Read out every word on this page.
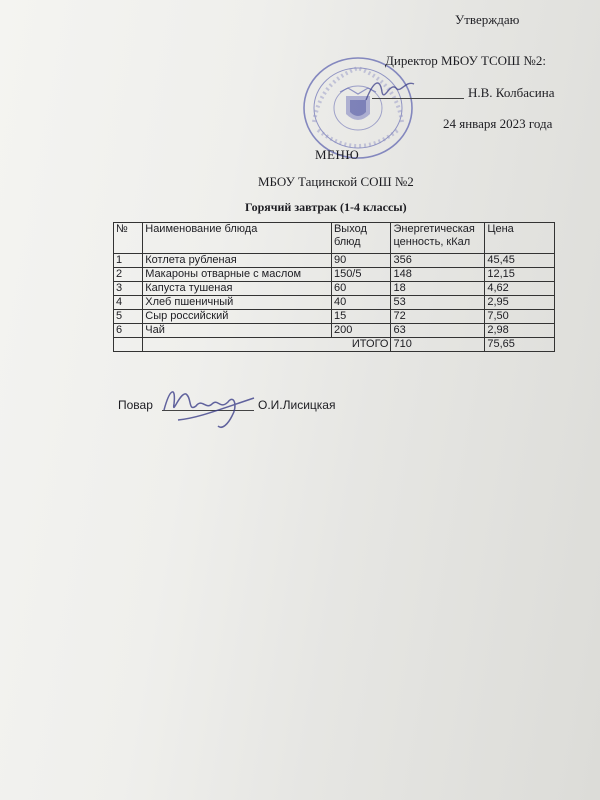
Утверждаю
Директор МБОУ ТСОШ №2:
Н.В. Колбасина
24 января 2023 года
МЕНЮ
МБОУ Тацинской СОШ №2
Горячий завтрак (1-4 классы)
№	Наименование блюда	Выход блюд	Энергетическая ценность, кКал	Цена
1	Котлета рубленая	90	356	45,45
2	Макароны отварные с маслом	150/5	148	12,15
3	Капуста тушеная	60	18	4,62
4	Хлеб пшеничный	40	53	2,95
5	Сыр российский	15	72	7,50
6	Чай	200	63	2,98
	ИТОГО		710	75,65
Повар	О.И.Лисицкая
